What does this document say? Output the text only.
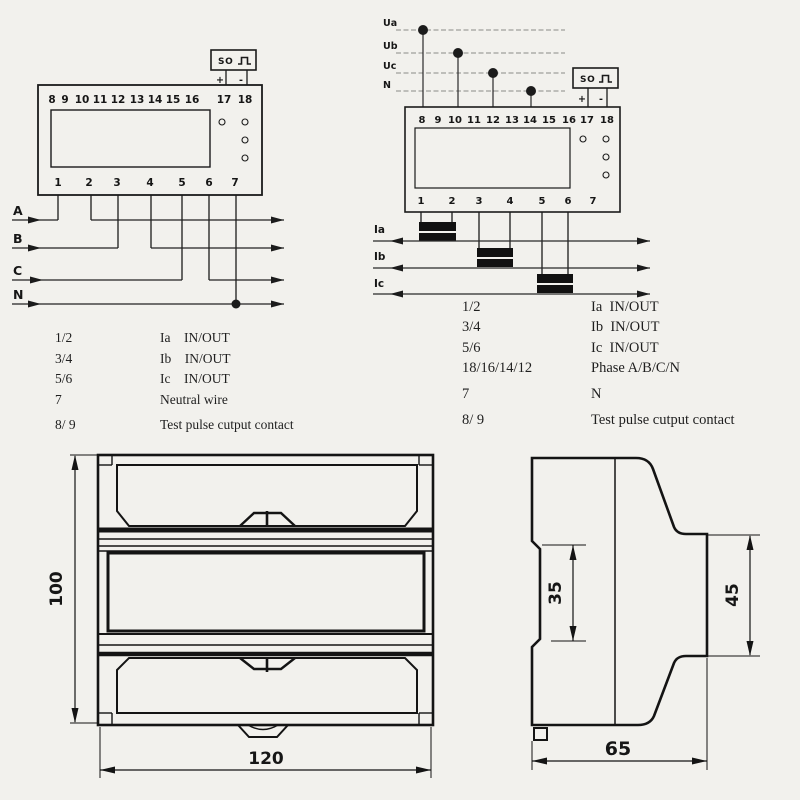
SO
+ -
8 9 10 11 12 13 14 15 16 17 18
1 2 3 4 5 6 7
A
B
C
N
Ua
Ub
Uc
N	SO
+ -
8 9 10 11 12 13 14 15 16 17 18
1 2 3 4	5 6 7
Ia
Ib
Ic
1/2	Ia    IN/OUT
3/4	Ib    IN/OUT
5/6	Ic    IN/OUT
7	Neutral wire
8/ 9	Test pulse cutput contact
1/2	Ia  IN/OUT
3/4	Ib  IN/OUT
5/6	Ic  IN/OUT
18/16/14/12	Phase A/B/C/N
7	N
8/ 9	Test pulse cutput contact
100
120
35	45
65
